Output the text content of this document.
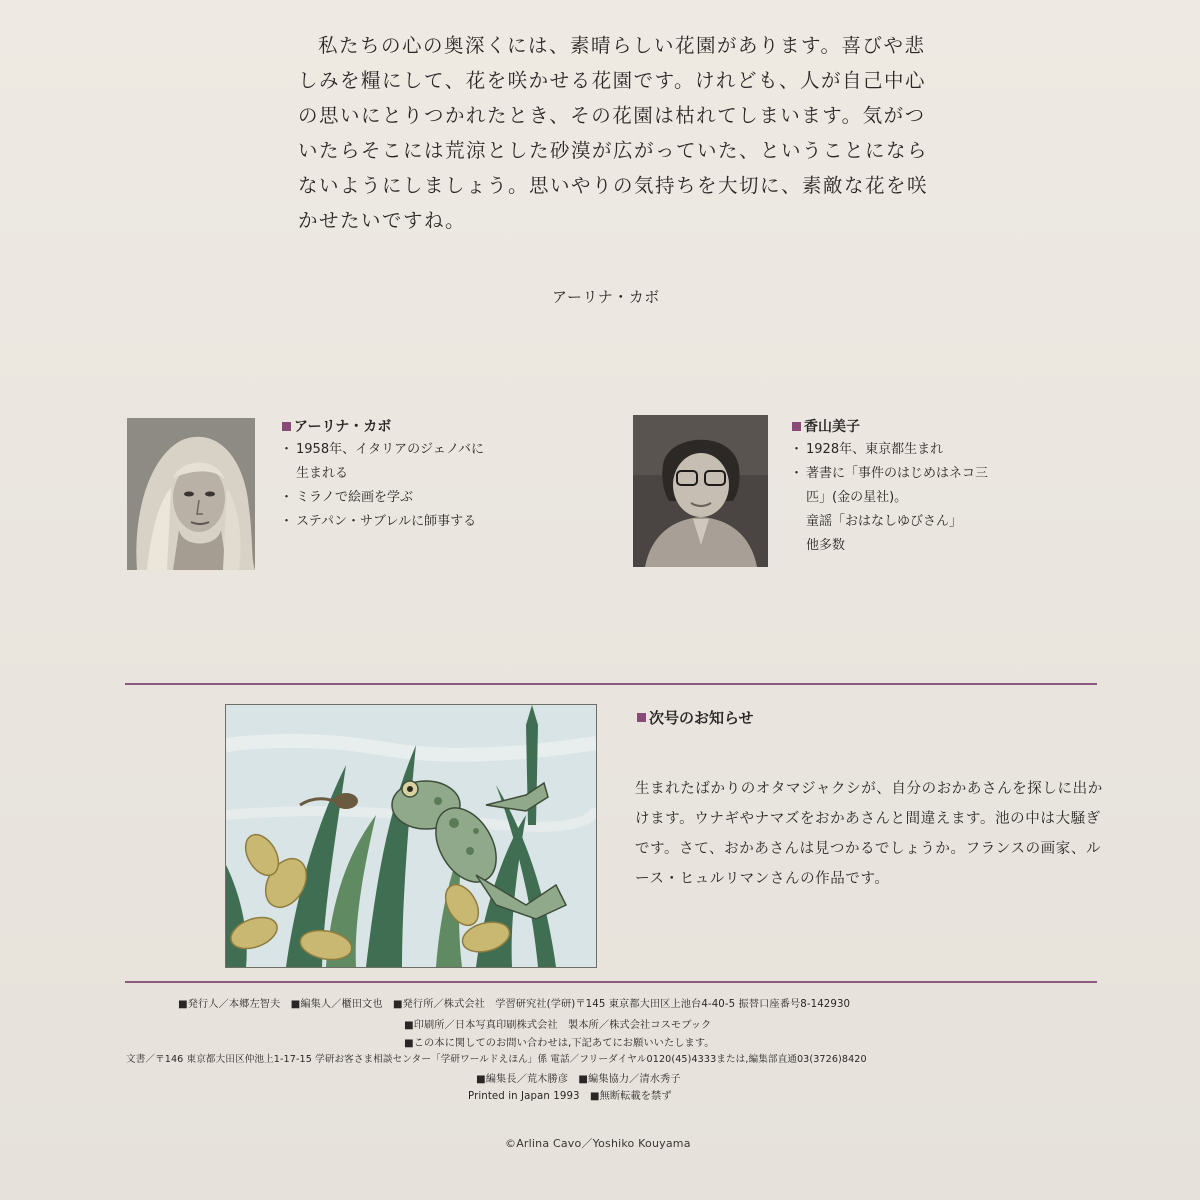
私たちの心の奥深くには、素晴らしい花園があります。喜びや悲しみを糧にして、花を咲かせる花園です。けれども、人が自己中心の思いにとりつかれたとき、その花園は枯れてしまいます。気がついたらそこには荒涼とした砂漠が広がっていた、ということにならないようにしましょう。思いやりの気持ちを大切に、素敵な花を咲かせたいですね。

アーリナ・カボ
アーリナ・カボ
・ 1958年、イタリアのジェノバに
生まれる
・ ミラノで絵画を学ぶ
・ ステパン・サブレルに師事する
香山美子
・ 1928年、東京都生まれ
・ 著書に「事件のはじめはネコ三
匹」(金の星社)。
童謡「おはなしゆびさん」
他多数
次号のお知らせ

生まれたばかりのオタマジャクシが、自分のおかあさんを探しに出かけます。ウナギやナマズをおかあさんと間違えます。池の中は大騒ぎです。さて、おかあさんは見つかるでしょうか。フランスの画家、ルース・ヒュルリマンさんの作品です。

■発行人／本郷左智夫　■編集人／櫃田文也　■発行所／株式会社　学習研究社(学研)〒145 東京都大田区上池台4-40-5 振替口座番号8-142930
■印刷所／日本写真印刷株式会社　製本所／株式会社コスモブック
■この本に関してのお問い合わせは,下記あてにお願いいたします。
文書／〒146 東京都大田区仲池上1-17-15 学研お客さま相談センター「学研ワールドえほん」係 電話／フリーダイヤル0120(45)4333または,編集部直通03(3726)8420
■編集長／荒木勝彦　■編集協力／清水秀子
Printed in Japan 1993　■無断転載を禁ず
©Arlina Cavo／Yoshiko Kouyama
